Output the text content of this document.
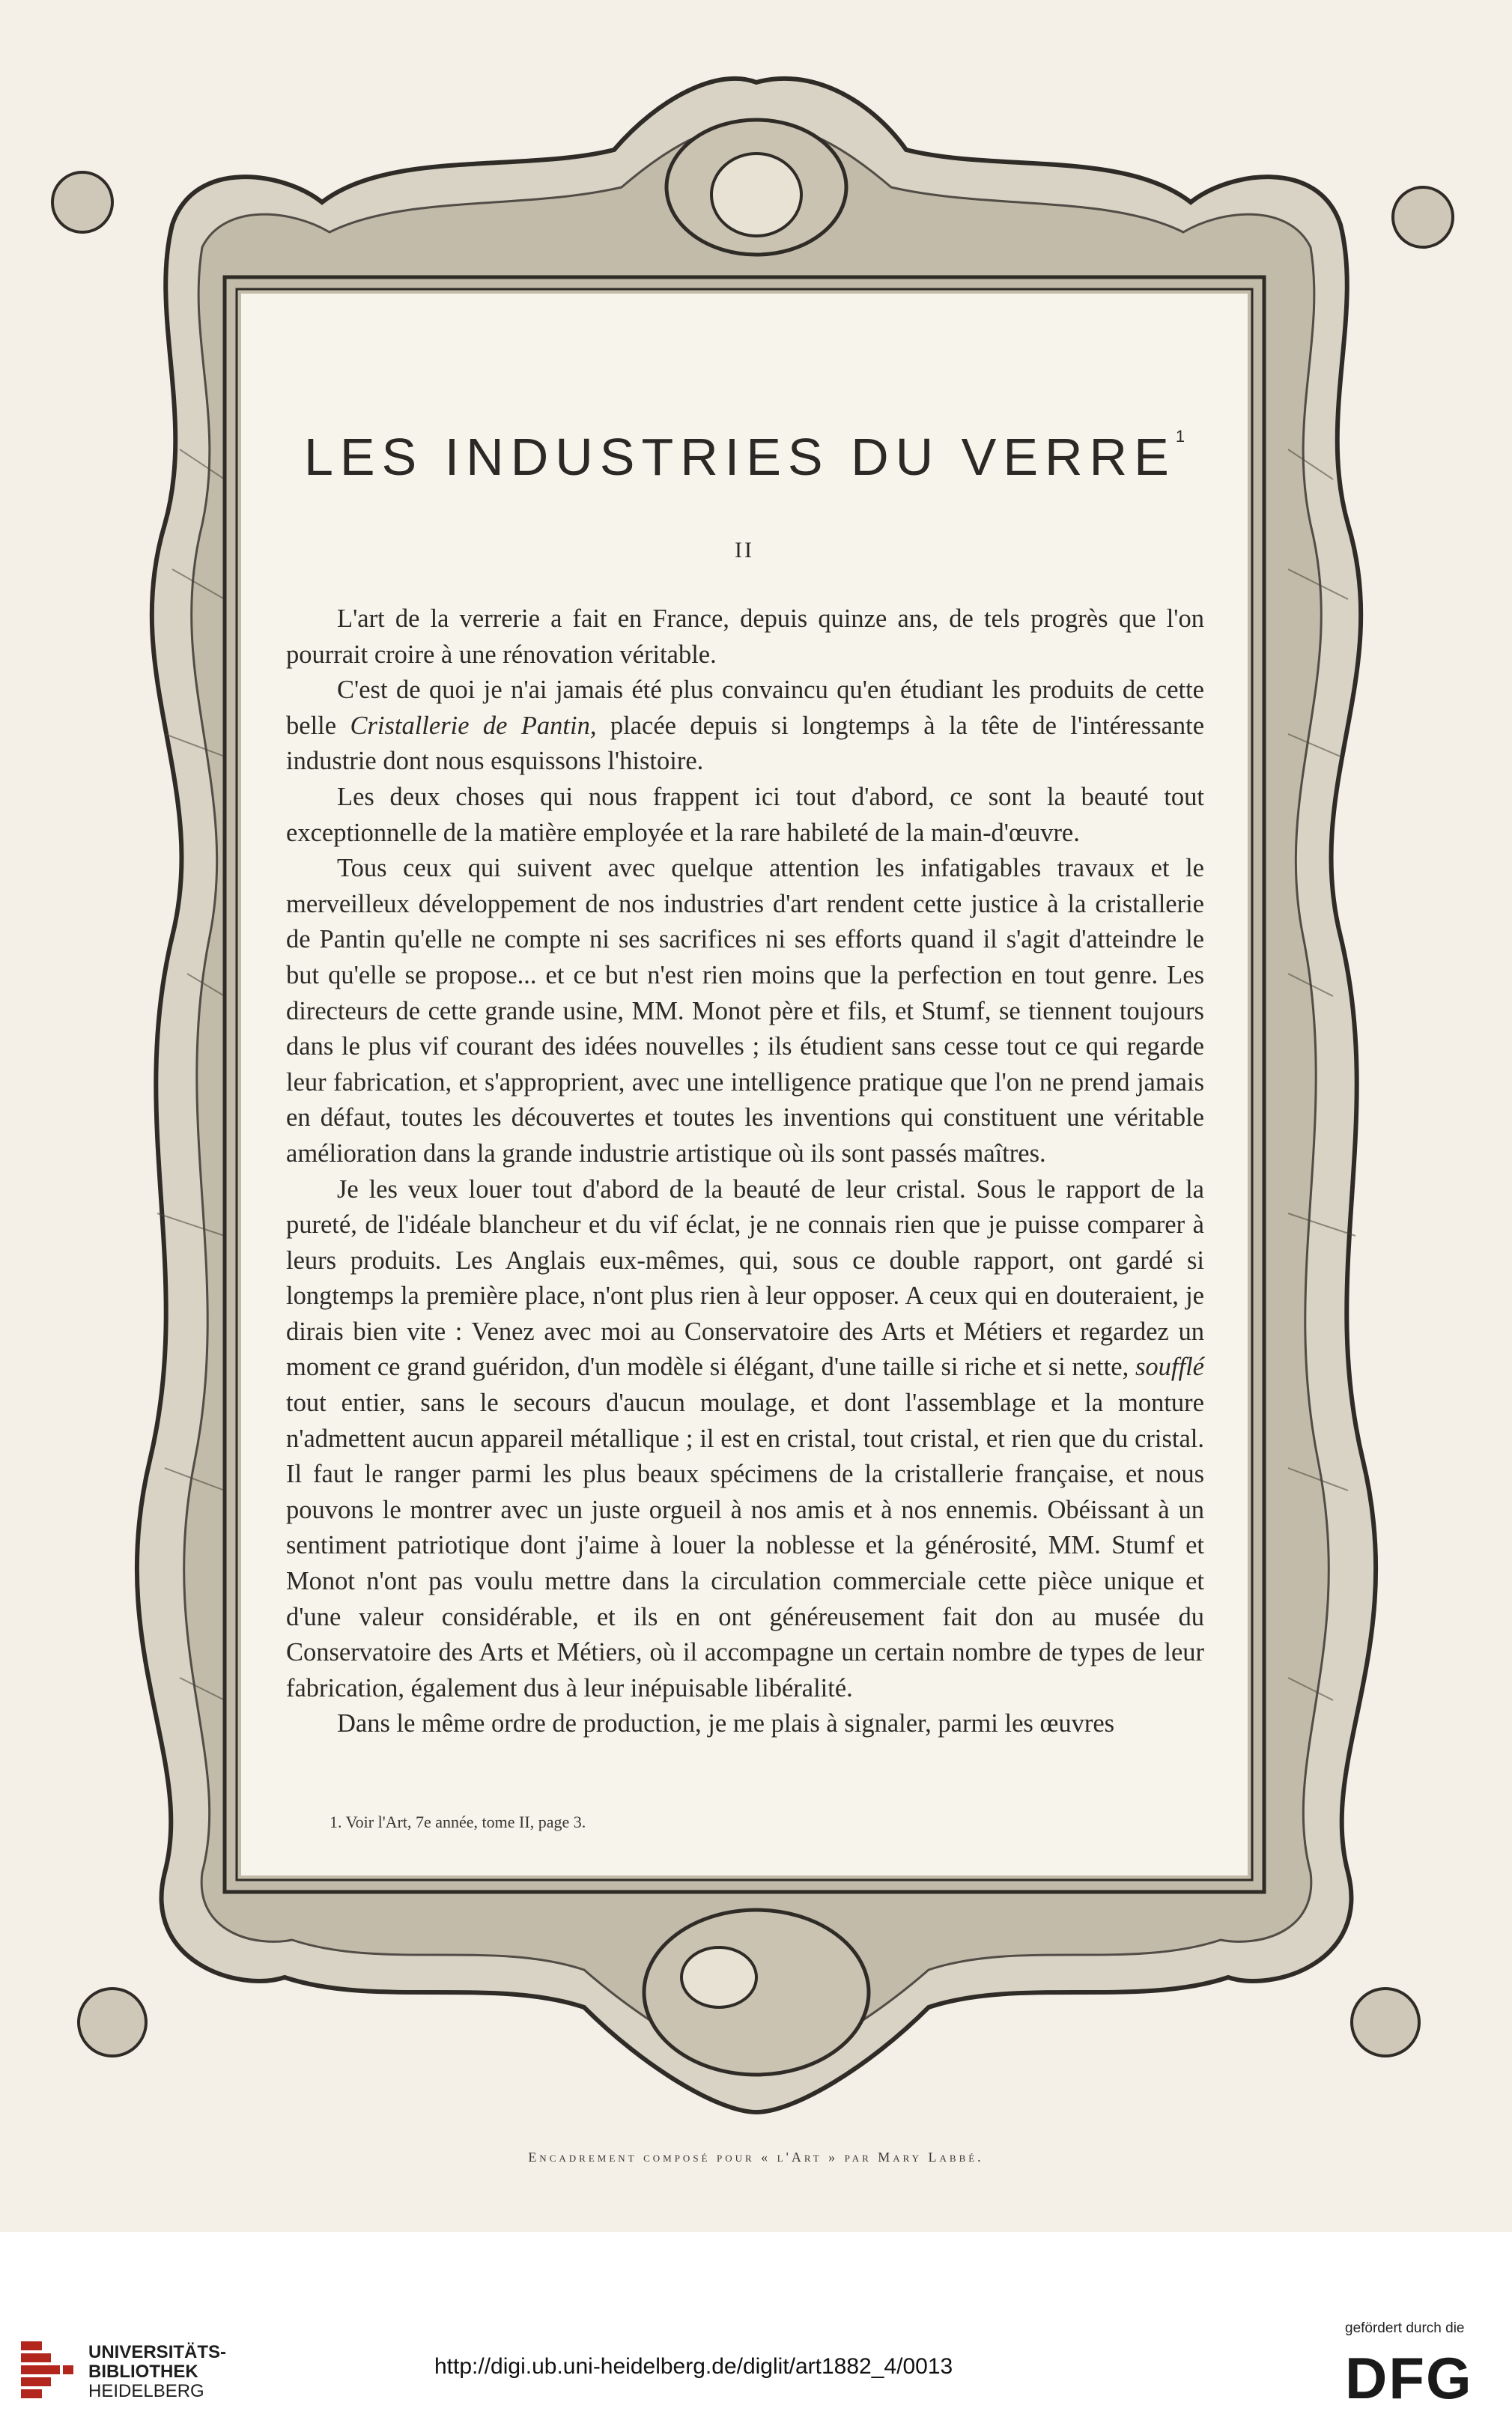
LES INDUSTRIES DU VERRE$^1$
II

L'art de la verrerie a fait en France, depuis quinze ans, de tels progrès que l'on pourrait croire à une rénovation véritable.

C'est de quoi je n'ai jamais été plus convaincu qu'en étudiant les produits de cette belle Cristallerie de Pantin, placée depuis si longtemps à la tête de l'intéressante industrie dont nous esquissons l'histoire.

Les deux choses qui nous frappent ici tout d'abord, ce sont la beauté tout exceptionnelle de la matière employée et la rare habileté de la main-d'œuvre.

Tous ceux qui suivent avec quelque attention les infatigables travaux et le merveilleux développement de nos industries d'art rendent cette justice à la cristallerie de Pantin qu'elle ne compte ni ses sacrifices ni ses efforts quand il s'agit d'atteindre le but qu'elle se propose... et ce but n'est rien moins que la perfection en tout genre. Les directeurs de cette grande usine, MM. Monot père et fils, et Stumf, se tiennent toujours dans le plus vif courant des idées nouvelles ; ils étudient sans cesse tout ce qui regarde leur fabrication, et s'approprient, avec une intelligence pratique que l'on ne prend jamais en défaut, toutes les découvertes et toutes les inventions qui constituent une véritable amélioration dans la grande industrie artistique où ils sont passés maîtres.

Je les veux louer tout d'abord de la beauté de leur cristal. Sous le rapport de la pureté, de l'idéale blancheur et du vif éclat, je ne connais rien que je puisse comparer à leurs produits. Les Anglais eux-mêmes, qui, sous ce double rapport, ont gardé si longtemps la première place, n'ont plus rien à leur opposer. A ceux qui en douteraient, je dirais bien vite : Venez avec moi au Conservatoire des Arts et Métiers et regardez un moment ce grand guéridon, d'un modèle si élégant, d'une taille si riche et si nette, soufflé tout entier, sans le secours d'aucun moulage, et dont l'assemblage et la monture n'admettent aucun appareil métallique ; il est en cristal, tout cristal, et rien que du cristal. Il faut le ranger parmi les plus beaux spécimens de la cristallerie française, et nous pouvons le montrer avec un juste orgueil à nos amis et à nos ennemis. Obéissant à un sentiment patriotique dont j'aime à louer la noblesse et la générosité, MM. Stumf et Monot n'ont pas voulu mettre dans la circulation commerciale cette pièce unique et d'une valeur considérable, et ils en ont généreusement fait don au musée du Conservatoire des Arts et Métiers, où il accompagne un certain nombre de types de leur fabrication, également dus à leur inépuisable libéralité.

Dans le même ordre de production, je me plais à signaler, parmi les œuvres

1. Voir l'Art, 7e année, tome II, page 3.
Encadrement composé pour « l'Art » par Mary Labbé.
UNIVERSITÄTS-
BIBLIOTHEK
HEIDELBERG
http://digi.ub.uni-heidelberg.de/diglit/art1882_4/0013
gefördert durch die
DFG
